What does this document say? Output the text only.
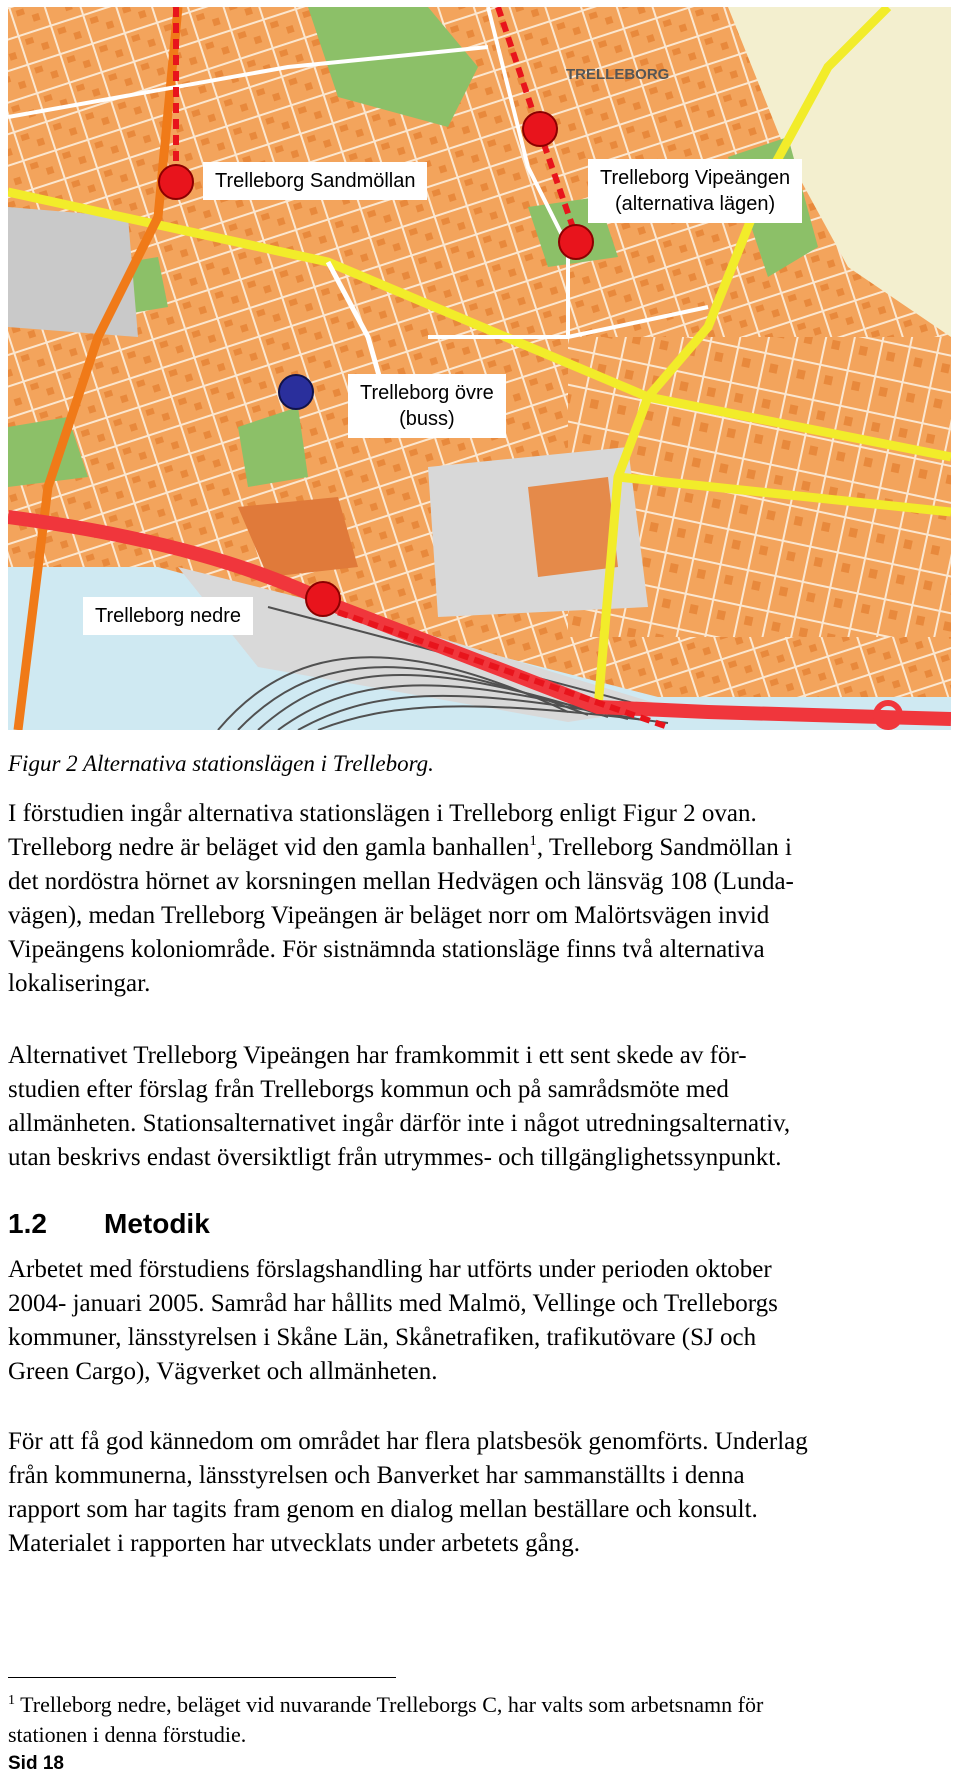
TRELLEBORG
Trelleborg Sandmöllan	Trelleborg Vipeängen
(alternativa lägen)
Trelleborg övre
(buss)
Trelleborg nedre
Figur 2 Alternativa stationslägen i Trelleborg.

I förstudien ingår alternativa stationslägen i Trelleborg enligt Figur 2 ovan.

Trelleborg nedre är beläget vid den gamla banhallen$^1$, Trelleborg Sandmöllan i

det nordöstra hörnet av korsningen mellan Hedvägen och länsväg 108 (Lunda-

vägen), medan Trelleborg Vipeängen är beläget norr om Malörtsvägen invid

Vipeängens koloniområde. För sistnämnda stationsläge finns två alternativa

lokaliseringar.

Alternativet Trelleborg Vipeängen har framkommit i ett sent skede av för-

studien efter förslag från Trelleborgs kommun och på samrådsmöte med

allmänheten. Stationsalternativet ingår därför inte i något utredningsalternativ,

utan beskrivs endast översiktligt från utrymmes- och tillgänglighetssynpunkt.

1.2 Metodik

Arbetet med förstudiens förslagshandling har utförts under perioden oktober

2004- januari 2005. Samråd har hållits med Malmö, Vellinge och Trelleborgs

kommuner, länsstyrelsen i Skåne Län, Skånetrafiken, trafikutövare (SJ och

Green Cargo), Vägverket och allmänheten.

För att få god kännedom om området har flera platsbesök genomförts. Underlag

från kommunerna, länsstyrelsen och Banverket har sammanställts i denna

rapport som har tagits fram genom en dialog mellan beställare och konsult.

Materialet i rapporten har utvecklats under arbetets gång.

$^1$ Trelleborg nedre, beläget vid nuvarande Trelleborgs C, har valts som arbetsnamn för
stationen i denna förstudie.
Sid 18
